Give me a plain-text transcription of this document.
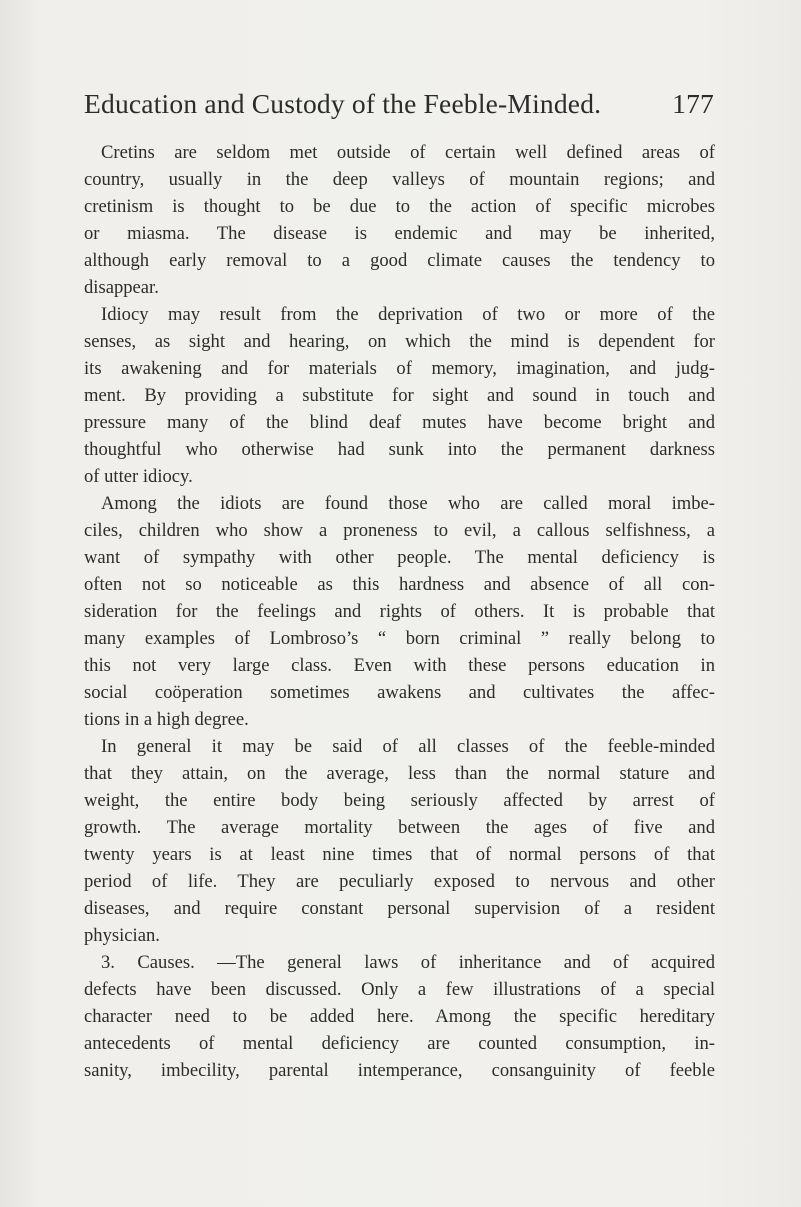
Education and Custody of the Feeble-Minded.	177
Cretins are seldom met outside of certain well defined areas of
country, usually in the deep valleys of mountain regions; and
cretinism is thought to be due to the action of specific microbes
or miasma. The disease is endemic and may be inherited,
although early removal to a good climate causes the tendency to
disappear.
Idiocy may result from the deprivation of two or more of the
senses, as sight and hearing, on which the mind is dependent for
its awakening and for materials of memory, imagination, and judg-
ment. By providing a substitute for sight and sound in touch and
pressure many of the blind deaf mutes have become bright and
thoughtful who otherwise had sunk into the permanent darkness
of utter idiocy.
Among the idiots are found those who are called moral imbe-
ciles, children who show a proneness to evil, a callous selfishness, a
want of sympathy with other people. The mental deficiency is
often not so noticeable as this hardness and absence of all con-
sideration for the feelings and rights of others. It is probable that
many examples of Lombroso’s “ born criminal ” really belong to
this not very large class. Even with these persons education in
social coöperation sometimes awakens and cultivates the affec-
tions in a high degree.
In general it may be said of all classes of the feeble-minded
that they attain, on the average, less than the normal stature and
weight, the entire body being seriously affected by arrest of
growth. The average mortality between the ages of five and
twenty years is at least nine times that of normal persons of that
period of life. They are peculiarly exposed to nervous and other
diseases, and require constant personal supervision of a resident
physician.
3. Causes. —The general laws of inheritance and of acquired
defects have been discussed. Only a few illustrations of a special
character need to be added here. Among the specific hereditary
antecedents of mental deficiency are counted consumption, in-
sanity, imbecility, parental intemperance, consanguinity of feeble
